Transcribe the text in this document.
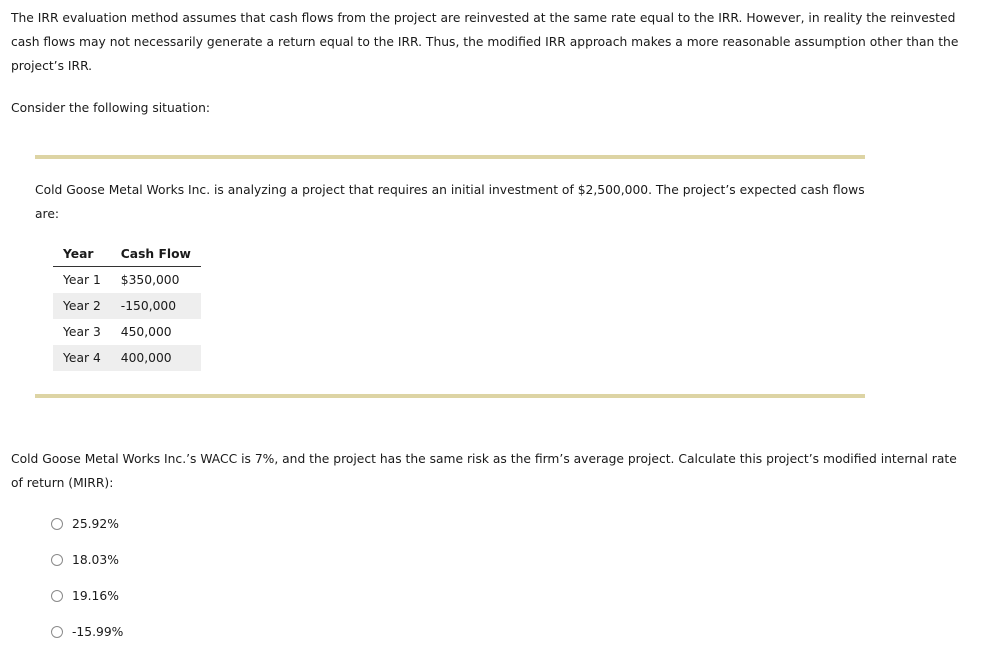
The IRR evaluation method assumes that cash flows from the project are reinvested at the same rate equal to the IRR. However, in reality the reinvested cash flows may not necessarily generate a return equal to the IRR. Thus, the modified IRR approach makes a more reasonable assumption other than the project’s IRR.

Consider the following situation:

Cold Goose Metal Works Inc. is analyzing a project that requires an initial investment of $2,500,000. The project’s expected cash flows are:

Year	Cash Flow
Year 1	$350,000
Year 2	-150,000
Year 3	450,000
Year 4	400,000

Cold Goose Metal Works Inc.’s WACC is 7%, and the project has the same risk as the firm’s average project. Calculate this project’s modified internal rate of return (MIRR):

25.92%
18.03%
19.16%
-15.99%
